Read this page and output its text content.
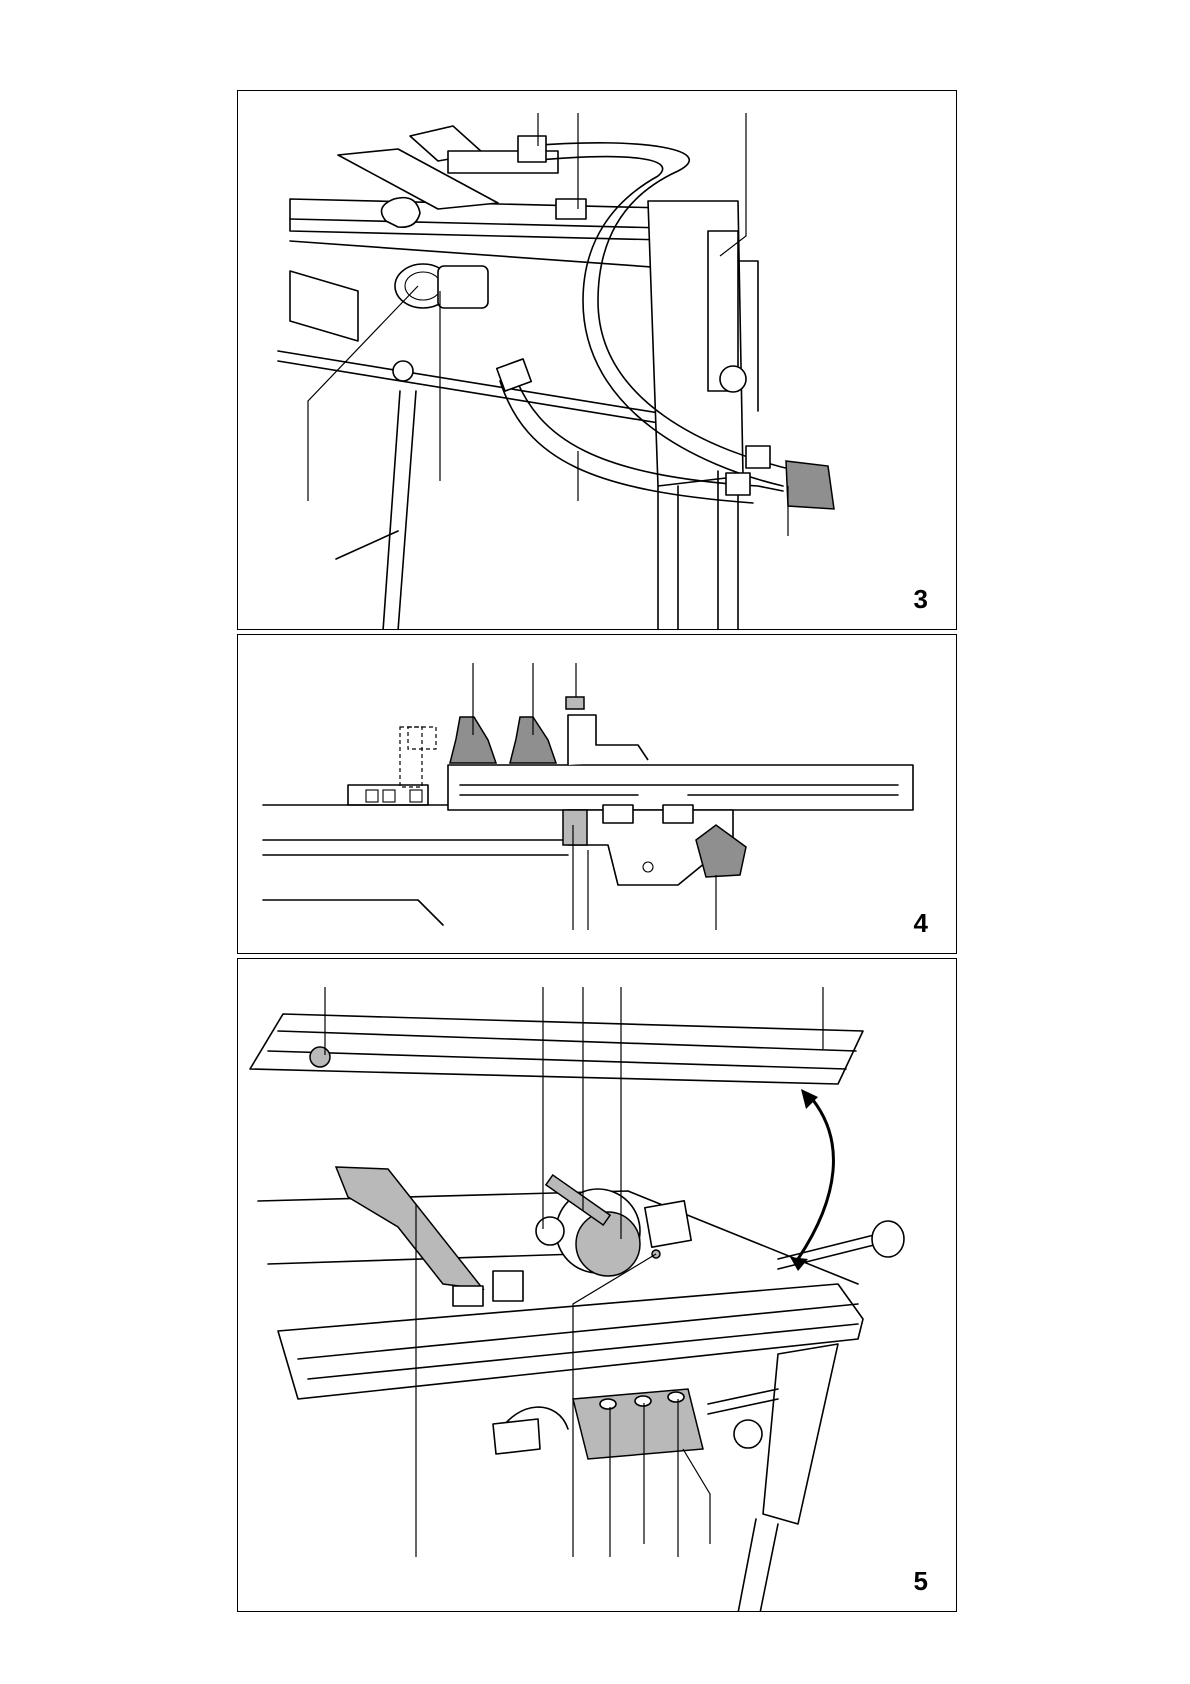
3
4
5
